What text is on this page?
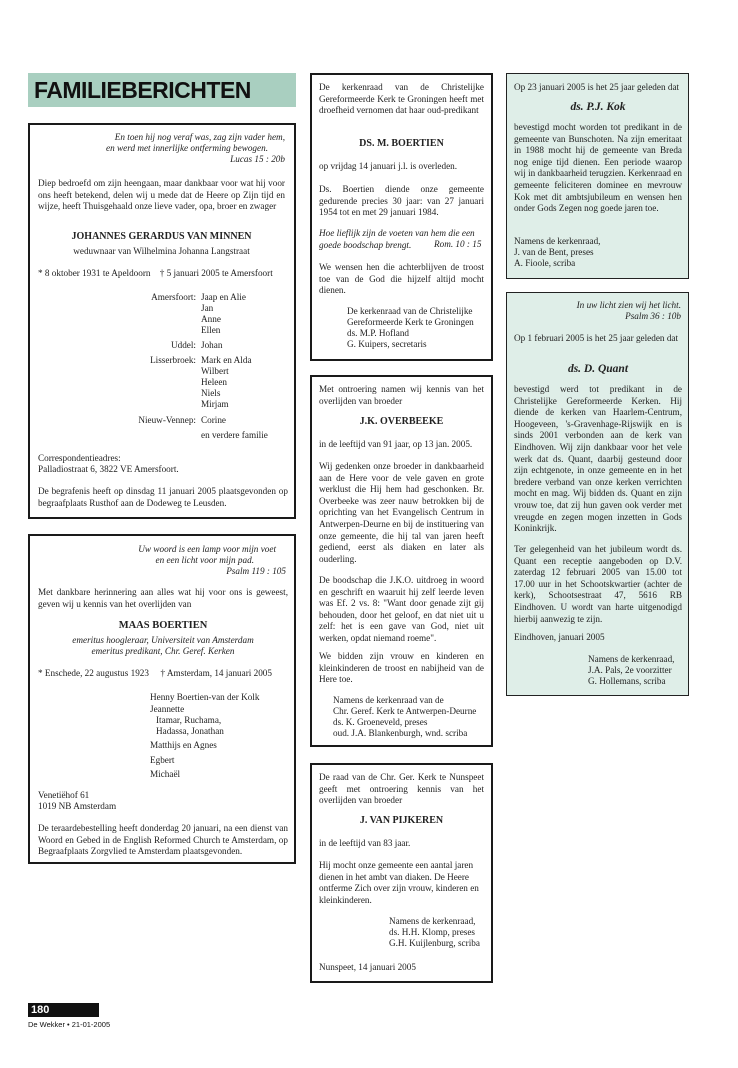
FAMILIEBERICHTEN
En toen hij nog veraf was, zag zijn vader hem,
en werd met innerlijke ontferming bewogen.
Lucas 15 : 20b
Diep bedroefd om zijn heengaan, maar dankbaar voor wat hij voor ons heeft betekend, delen wij u mede dat de Heere op Zijn tijd en wijze, heeft Thuisgehaald onze lieve vader, opa, broer en zwager
JOHANNES GERARDUS VAN MINNEN
weduwnaar van Wilhelmina Johanna Langstraat
* 8 oktober 1931 te Apeldoorn    † 5 januari 2005 te Amersfoort
Amersfoort: Jaap en Alie
Jan
Anne
Ellen
Uddel: Johan
Lisserbroek: Mark en Alda
Wilbert
Heleen
Niels
Mirjam
Nieuw-Vennep: Corine
en verdere familie
Correspondentieadres:
Palladiostraat 6, 3822 VE Amersfoort.
De begrafenis heeft op dinsdag 11 januari 2005 plaatsgevonden op begraafplaats Rusthof aan de Dodeweg te Leusden.
Uw woord is een lamp voor mijn voet
en een licht voor mijn pad.
Psalm 119 : 105
Met dankbare herinnering aan alles wat hij voor ons is geweest, geven wij u kennis van het overlijden van
MAAS BOERTIEN
emeritus hoogleraar, Universiteit van Amsterdam
emeritus predikant, Chr. Geref. Kerken
* Enschede, 22 augustus 1923     † Amsterdam, 14 januari 2005
Henny Boertien-van der Kolk
Jeannette
Itamar, Ruchama,
Hadassa, Jonathan
Matthijs en Agnes
Egbert
Michaël
Venetiëhof 61
1019 NB Amsterdam
De teraardebestelling heeft donderdag 20 januari, na een dienst van Woord en Gebed in de English Reformed Church te Amsterdam, op Begraafplaats Zorgvlied te Amsterdam plaatsgevonden.
De kerkenraad van de Christelijke Gereformeerde Kerk te Groningen heeft met droefheid vernomen dat haar oud-predikant
DS. M. BOERTIEN
op vrijdag 14 januari j.l. is overleden.
Ds. Boertien diende onze gemeente gedurende precies 30 jaar: van 27 januari 1954 tot en met 29 januari 1984.
Hoe lieflijk zijn de voeten van hem die een goede boodschap brengt.	Rom. 10 : 15
We wensen hen die achterblijven de troost toe van de God die hijzelf altijd mocht dienen.
De kerkenraad van de Christelijke
Gereformeerde Kerk te Groningen
ds. M.P. Hofland
G. Kuipers, secretaris
Met ontroering namen wij kennis van het overlijden van broeder
J.K. OVERBEEKE
in de leeftijd van 91 jaar, op 13 jan. 2005.
Wij gedenken onze broeder in dankbaarheid aan de Here voor de vele gaven en grote werklust die Hij hem had geschonken. Br. Overbeeke was zeer nauw betrokken bij de oprichting van het Evangelisch Centrum in Antwerpen-Deurne en bij de instituering van onze gemeente, die hij tal van jaren heeft gediend, eerst als diaken en later als ouderling.
De boodschap die J.K.O. uitdroeg in woord en geschrift en waaruit hij zelf leerde leven was Ef. 2 vs. 8: "Want door genade zijt gij behouden, door het geloof, en dat niet uit u zelf: het is een gave van God, niet uit werken, opdat niemand roeme".
We bidden zijn vrouw en kinderen en kleinkinderen de troost en nabijheid van de Here toe.
Namens de kerkenraad van de
Chr. Geref. Kerk te Antwerpen-Deurne
ds. K. Groeneveld, preses
oud. J.A. Blankenburgh, wnd. scriba
De raad van de Chr. Ger. Kerk te Nunspeet geeft met ontroering kennis van het overlijden van broeder
J. VAN PIJKEREN
in de leeftijd van 83 jaar.
Hij mocht onze gemeente een aantal jaren dienen in het ambt van diaken. De Heere ontferme Zich over zijn vrouw, kinderen en kleinkinderen.
Namens de kerkenraad,
ds. H.H. Klomp, preses
G.H. Kuijlenburg, scriba
Nunspeet, 14 januari 2005
Op 23 januari 2005 is het 25 jaar geleden dat
ds. P.J. Kok
bevestigd mocht worden tot predikant in de gemeente van Bunschoten. Na zijn emeritaat in 1988 mocht hij de gemeente van Breda nog enige tijd dienen. Een periode waarop wij in dankbaarheid terugzien. Kerkenraad en gemeente feliciteren dominee en mevrouw Kok met dit ambtsjubileum en wensen hen onder Gods Zegen nog goede jaren toe.
Namens de kerkenraad,
J. van de Bent, preses
A. Fioole, scriba
In uw licht zien wij het licht.
Psalm 36 : 10b
Op 1 februari 2005 is het 25 jaar geleden dat
ds. D. Quant
bevestigd werd tot predikant in de Christelijke Gereformeerde Kerken. Hij diende de kerken van Haarlem-Centrum, Hoogeveen, 's-Gravenhage-Rijswijk en is sinds 2001 verbonden aan de kerk van Eindhoven. Wij zijn dankbaar voor het vele werk dat ds. Quant, daarbij gesteund door zijn echtgenote, in onze gemeente en in het bredere verband van onze kerken verrichten mocht en mag. Wij bidden ds. Quant en zijn vrouw toe, dat zij hun gaven ook verder met vreugde en zegen mogen inzetten in Gods Koninkrijk.
Ter gelegenheid van het jubileum wordt ds. Quant een receptie aangeboden op D.V. zaterdag 12 februari 2005 van 15.00 tot 17.00 uur in het Schootskwartier (achter de kerk), Schootsestraat 47, 5616 RB Eindhoven. U wordt van harte uitgenodigd hierbij aanwezig te zijn.
Eindhoven, januari 2005
Namens de kerkenraad,
J.A. Pals, 2e voorzitter
G. Hollemans, scriba
180
De Wekker • 21-01-2005
